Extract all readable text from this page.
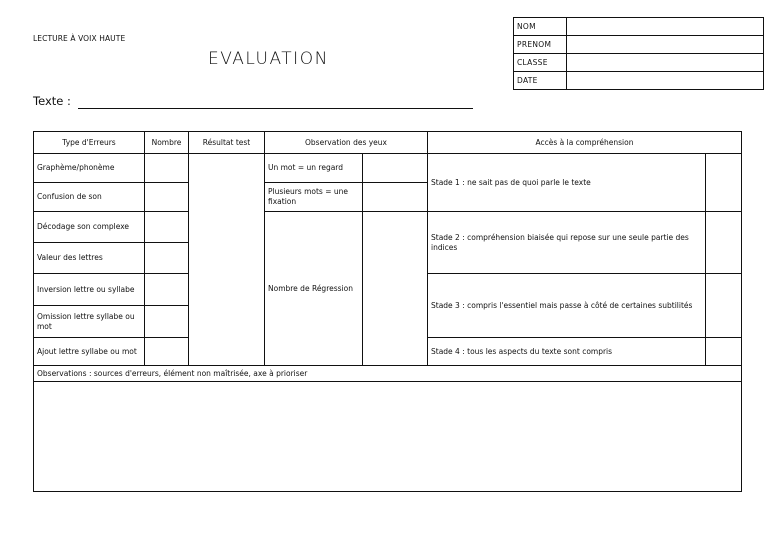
LECTURE À VOIX HAUTE
EVALUATION
Texte :
NOM	
PRENOM	
CLASSE	
DATE	
Type d'Erreurs	Nombre	Résultat test	Observation des yeux		Accès à la compréhension	
Graphème/phonème			Un mot = un regard		Stade 1 : ne sait pas de quoi parle le texte	
Confusion de son			Plusieurs mots = une fixation			
Décodage son complexe			Nombre de Régression		Stade 2 : compréhension biaisée qui repose sur une seule partie des indices	
Valeur des lettres						
Inversion lettre ou syllabe					Stade 3 : compris l'essentiel mais passe à côté de certaines subtilités	
Omission lettre syllabe ou mot						
Ajout lettre syllabe ou mot					Stade 4 : tous les aspects du texte sont compris	
Observations : sources d'erreurs, élément non maîtrisée, axe à prioriser						
